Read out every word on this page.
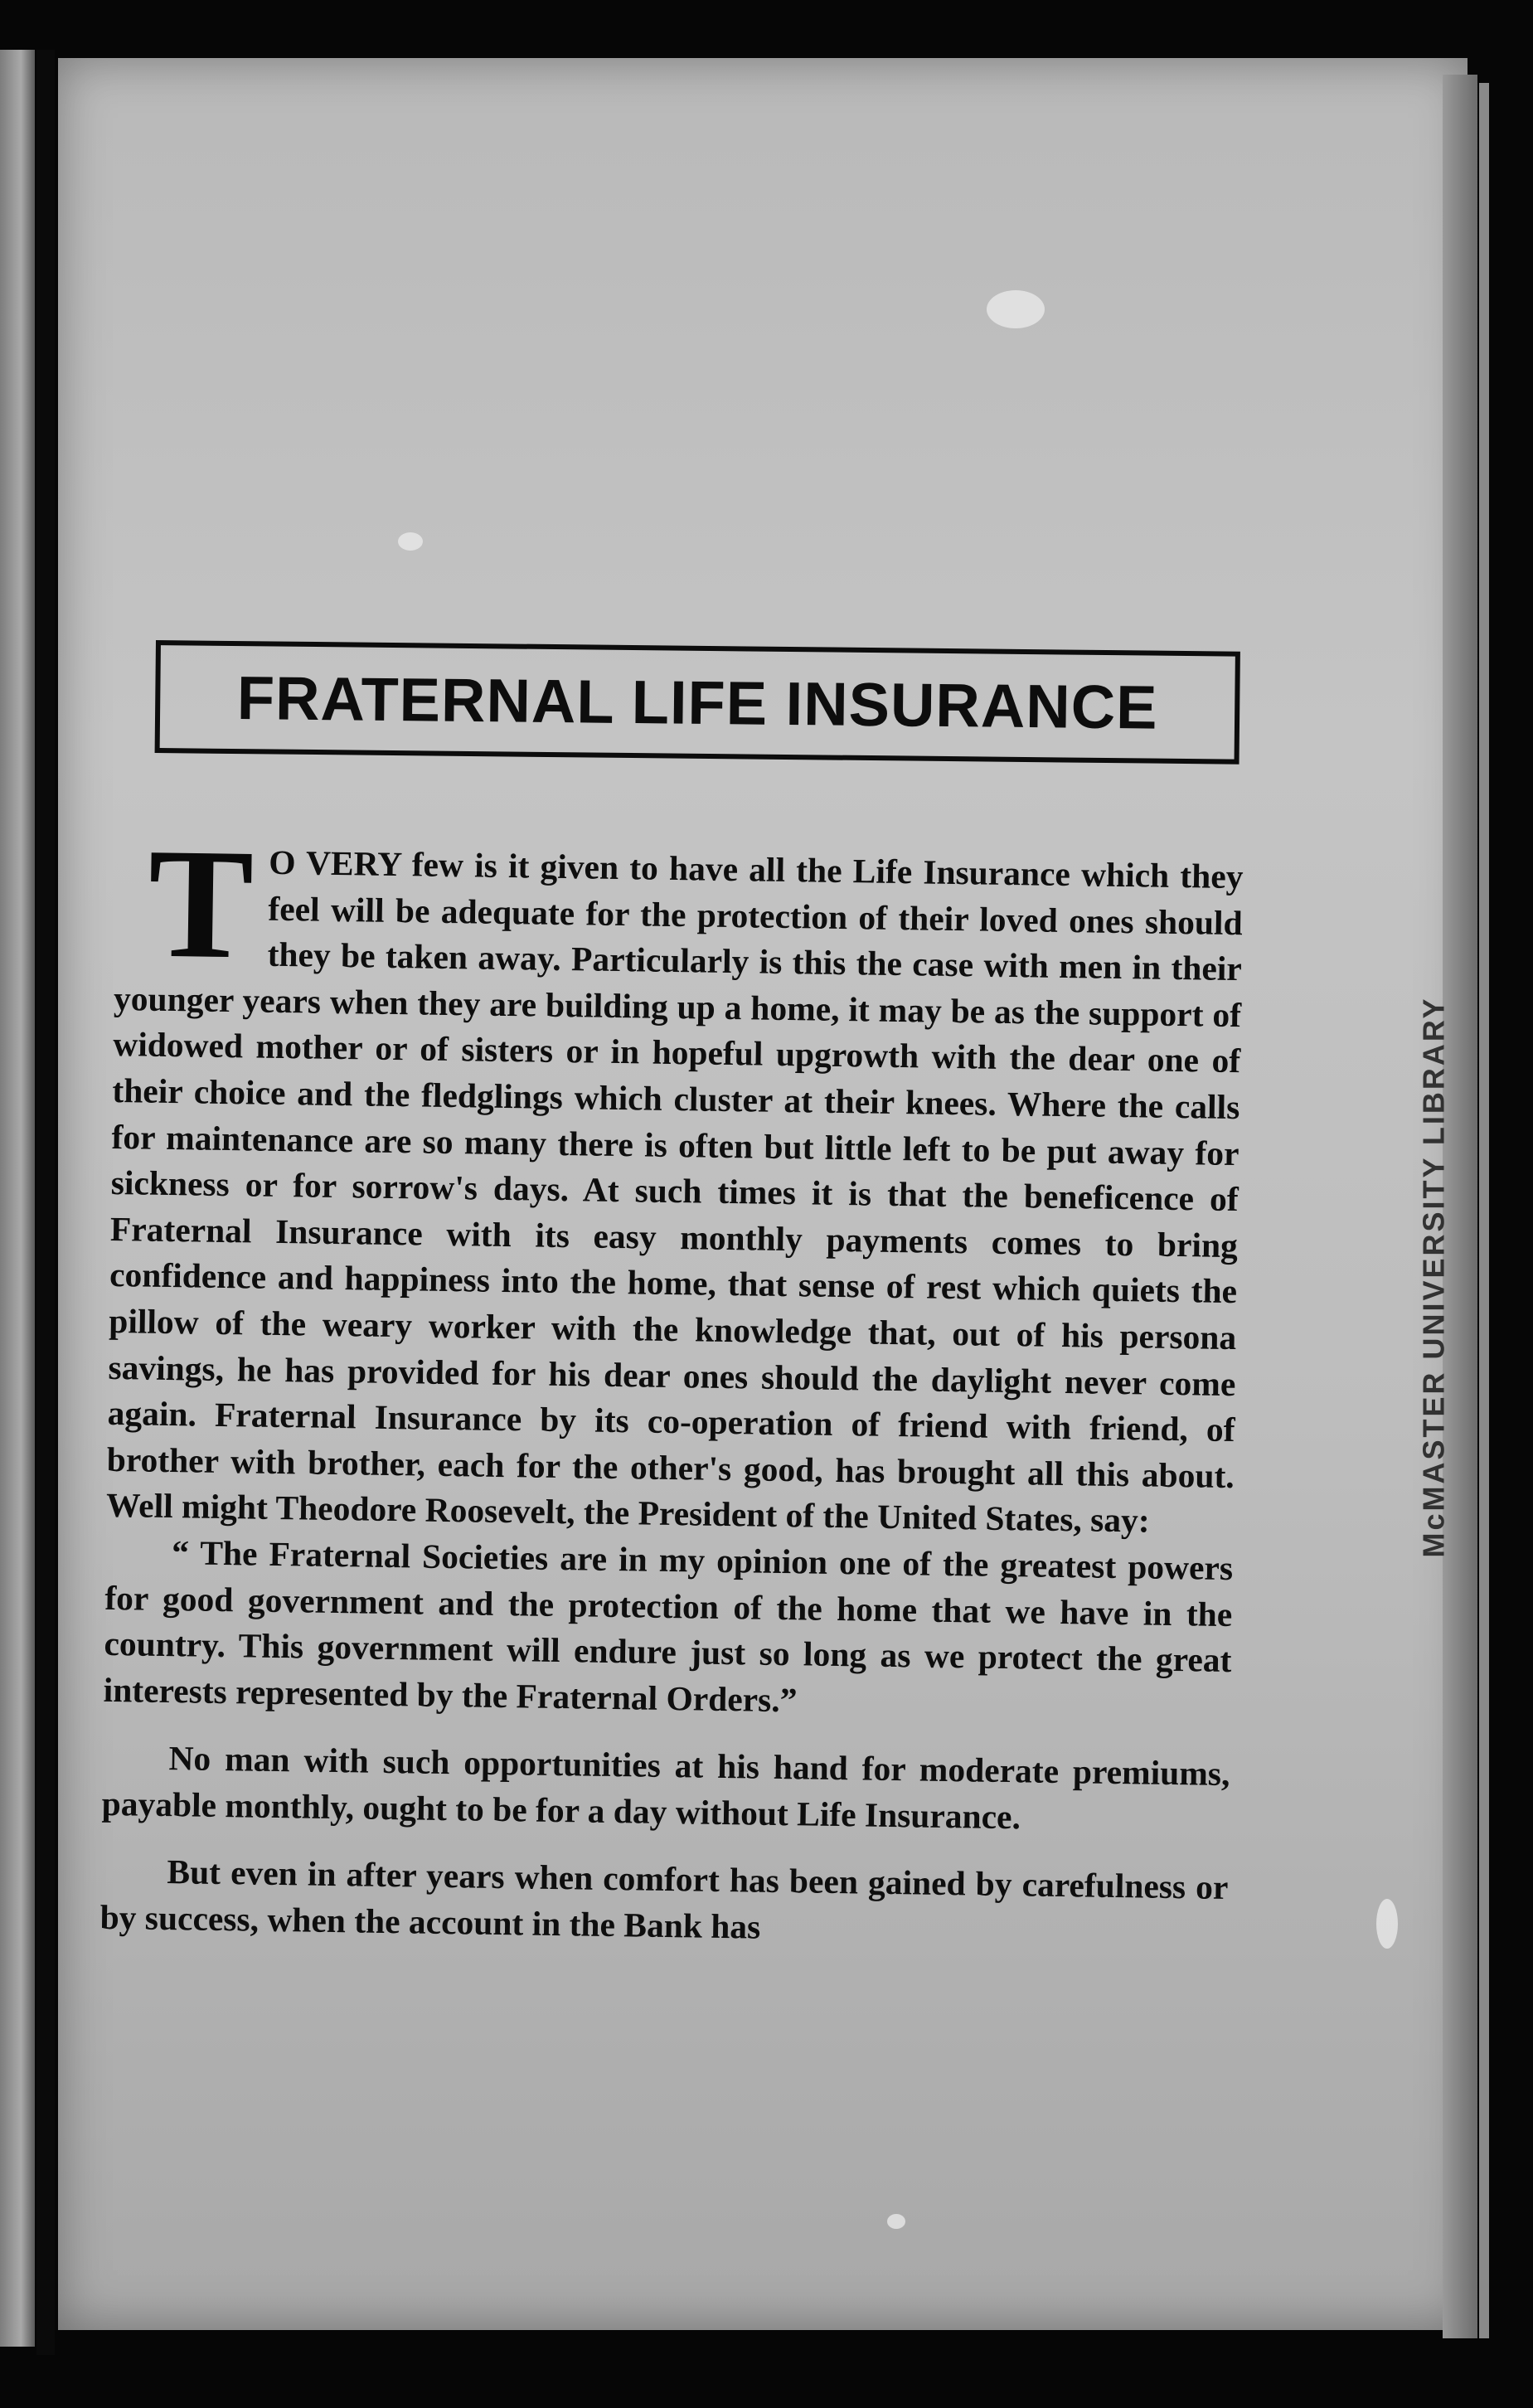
FRATERNAL LIFE INSURANCE

T O VERY few is it given to have all the Life Insurance which they feel will be adequate for the protection of their loved ones should they be taken away. Particularly is this the case with men in their younger years when they are building up a home, it may be as the support of widowed mother or of sisters or in hopeful upgrowth with the dear one of their choice and the fledglings which cluster at their knees. Where the calls for maintenance are so many there is often but little left to be put away for sickness or for sorrow's days. At such times it is that the beneficence of Fraternal Insurance with its easy monthly payments comes to bring confidence and happiness into the home, that sense of rest which quiets the pillow of the weary worker with the knowledge that, out of his persona savings, he has provided for his dear ones should the daylight never come again. Fraternal Insurance by its co-operation of friend with friend, of brother with brother, each for the other's good, has brought all this about. Well might Theodore Roosevelt, the President of the United States, say:

“ The Fraternal Societies are in my opinion one of the greatest powers for good government and the protection of the home that we have in the country. This government will endure just so long as we protect the great interests represented by the Fraternal Orders.”

No man with such opportunities at his hand for moderate premiums, payable monthly, ought to be for a day without Life Insurance.

But even in after years when comfort has been gained by carefulness or by success, when the account in the Bank has

McMASTER UNIVERSITY LIBRARY
